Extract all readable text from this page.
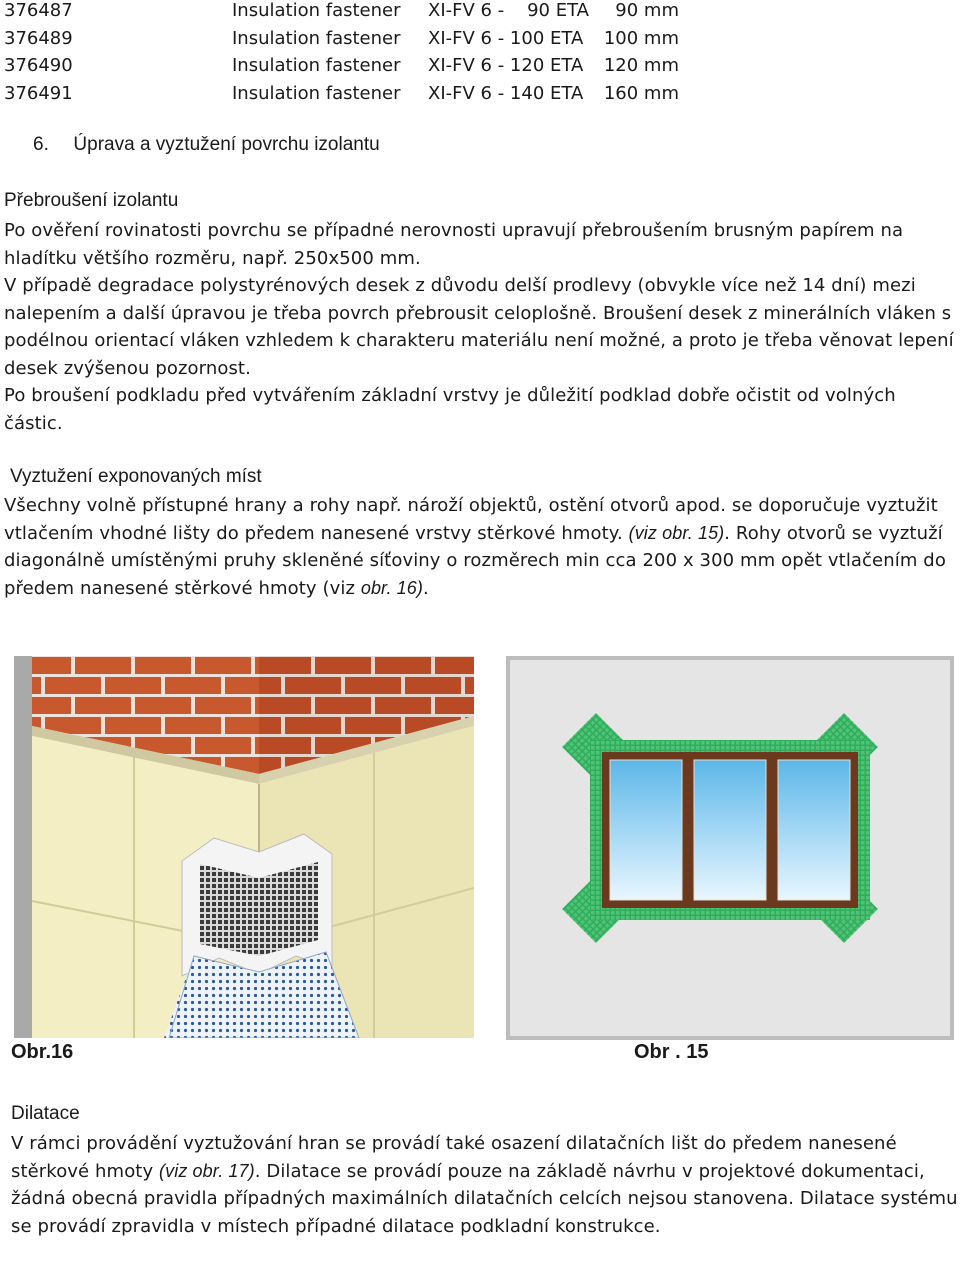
376487	Insulation fastener	XI-FV 6 -    90 ETA	90 mm
376489	Insulation fastener	XI-FV 6 - 100 ETA	100 mm
376490	Insulation fastener	XI-FV 6 - 120 ETA	120 mm
376491	Insulation fastener	XI-FV 6 - 140 ETA	160 mm
6. Úprava a vyztužení povrchu izolantu
Přebroušení izolantu
Po ověření rovinatosti povrchu se případné nerovnosti upravují přebroušením brusným papírem na hladítku většího rozměru, např. 250x500 mm.
V případě degradace polystyrénových desek z důvodu delší prodlevy (obvykle více než 14 dní) mezi nalepením a další úpravou je třeba povrch přebrousit celoplošně. Broušení desek z minerálních vláken s podélnou orientací vláken vzhledem k charakteru materiálu není možné, a proto je třeba věnovat lepení desek zvýšenou pozornost.
Po broušení podkladu před vytvářením základní vrstvy je důležití podklad dobře očistit od volných částic.
Vyztužení exponovaných míst
Všechny volně přístupné hrany a rohy např. nároží objektů, ostění otvorů apod. se doporučuje vyztužit vtlačením vhodné lišty do předem nanesené vrstvy stěrkové hmoty. (viz obr. 15). Rohy otvorů se vyztuží diagonálně umístěnými pruhy skleněné síťoviny o rozměrech min cca 200 x 300 mm opět vtlačením do předem nanesené stěrkové hmoty (viz obr. 16).
Obr.16	Obr . 15
Dilatace
V rámci provádění vyztužování hran se provádí také osazení dilatačních lišt do předem nanesené stěrkové hmoty (viz obr. 17). Dilatace se provádí pouze na základě návrhu v projektové dokumentaci, žádná obecná pravidla případných maximálních dilatačních celcích nejsou stanovena. Dilatace systému se provádí zpravidla v místech případné dilatace podkladní konstrukce.
